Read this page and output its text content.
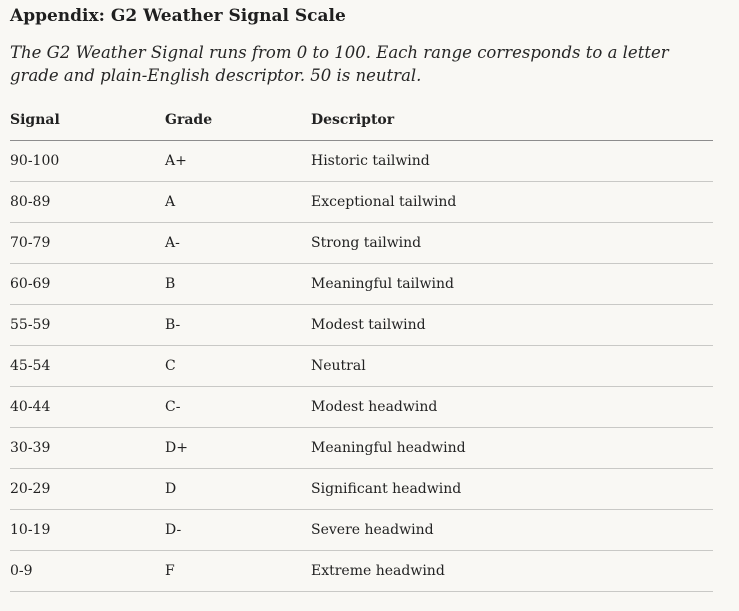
Appendix: G2 Weather Signal Scale

The G2 Weather Signal runs from 0 to 100. Each range corresponds to a letter grade and plain-English descriptor. 50 is neutral.

Signal	Grade	Descriptor
90-100	A+	Historic tailwind
80-89	A	Exceptional tailwind
70-79	A-	Strong tailwind
60-69	B	Meaningful tailwind
55-59	B-	Modest tailwind
45-54	C	Neutral
40-44	C-	Modest headwind
30-39	D+	Meaningful headwind
20-29	D	Significant headwind
10-19	D-	Severe headwind
0-9	F	Extreme headwind
